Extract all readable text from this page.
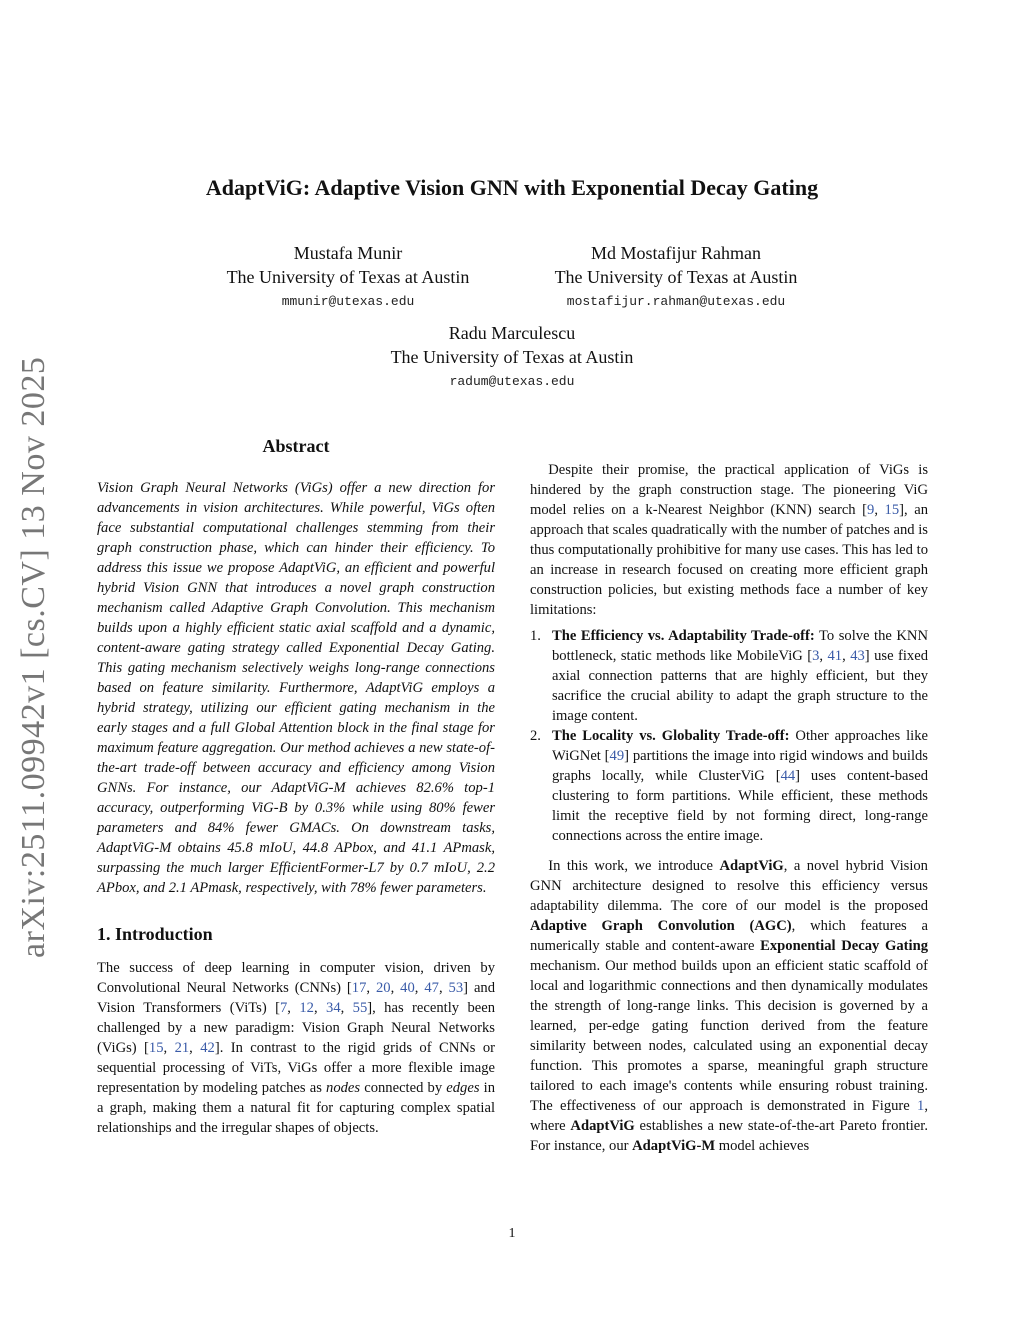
arXiv:2511.09942v1 [cs.CV] 13 Nov 2025
AdaptViG: Adaptive Vision GNN with Exponential Decay Gating
Mustafa Munir
The University of Texas at Austin
mmunir@utexas.edu
Md Mostafijur Rahman
The University of Texas at Austin
mostafijur.rahman@utexas.edu
Radu Marculescu
The University of Texas at Austin
radum@utexas.edu
Abstract

Vision Graph Neural Networks (ViGs) offer a new direction for advancements in vision architectures. While powerful, ViGs often face substantial computational challenges stemming from their graph construction phase, which can hinder their efficiency. To address this issue we propose AdaptViG, an efficient and powerful hybrid Vision GNN that introduces a novel graph construction mechanism called Adaptive Graph Convolution. This mechanism builds upon a highly efficient static axial scaffold and a dynamic, content-aware gating strategy called Exponential Decay Gating. This gating mechanism selectively weighs long-range connections based on feature similarity. Furthermore, AdaptViG employs a hybrid strategy, utilizing our efficient gating mechanism in the early stages and a full Global Attention block in the final stage for maximum feature aggregation. Our method achieves a new state-of-the-art trade-off between accuracy and efficiency among Vision GNNs. For instance, our AdaptViG-M achieves 82.6% top-1 accuracy, outperforming ViG-B by 0.3% while using 80% fewer parameters and 84% fewer GMACs. On downstream tasks, AdaptViG-M obtains 45.8 mIoU, 44.8 APbox, and 41.1 APmask, surpassing the much larger EfficientFormer-L7 by 0.7 mIoU, 2.2 APbox, and 2.1 APmask, respectively, with 78% fewer parameters.

1. Introduction

The success of deep learning in computer vision, driven by Convolutional Neural Networks (CNNs) [17, 20, 40, 47, 53] and Vision Transformers (ViTs) [7, 12, 34, 55], has recently been challenged by a new paradigm: Vision Graph Neural Networks (ViGs) [15, 21, 42]. In contrast to the rigid grids of CNNs or sequential processing of ViTs, ViGs offer a more flexible image representation by modeling patches as nodes connected by edges in a graph, making them a natural fit for capturing complex spatial relationships and the irregular shapes of objects.

Despite their promise, the practical application of ViGs is hindered by the graph construction stage. The pioneering ViG model relies on a k-Nearest Neighbor (KNN) search [9, 15], an approach that scales quadratically with the number of patches and is thus computationally prohibitive for many use cases. This has led to an increase in research focused on creating more efficient graph construction policies, but existing methods face a number of key limitations:

1. The Efficiency vs. Adaptability Trade-off: To solve the KNN bottleneck, static methods like MobileViG [3, 41, 43] use fixed axial connection patterns that are highly efficient, but they sacrifice the crucial ability to adapt the graph structure to the image content.
2. The Locality vs. Globality Trade-off: Other approaches like WiGNet [49] partitions the image into rigid windows and builds graphs locally, while ClusterViG [44] uses content-based clustering to form partitions. While efficient, these methods limit the receptive field by not forming direct, long-range connections across the entire image.

In this work, we introduce AdaptViG, a novel hybrid Vision GNN architecture designed to resolve this efficiency versus adaptability dilemma. The core of our model is the proposed Adaptive Graph Convolution (AGC), which features a numerically stable and content-aware Exponential Decay Gating mechanism. Our method builds upon an efficient static scaffold of local and logarithmic connections and then dynamically modulates the strength of long-range links. This decision is governed by a learned, per-edge gating function derived from the feature similarity between nodes, calculated using an exponential decay function. This promotes a sparse, meaningful graph structure tailored to each image's contents while ensuring robust training. The effectiveness of our approach is demonstrated in Figure 1, where AdaptViG establishes a new state-of-the-art Pareto frontier. For instance, our AdaptViG-M model achieves

1
